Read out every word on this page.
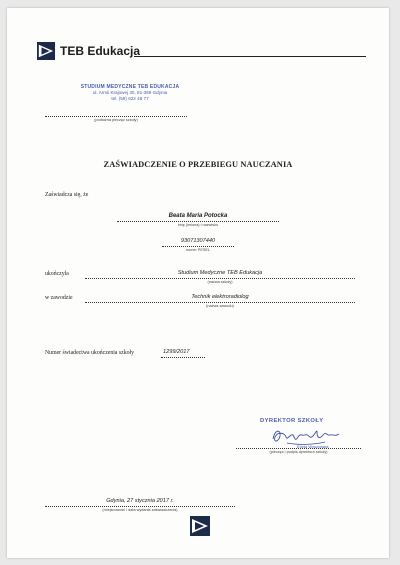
TEB Edukacja
STUDIUM MEDYCZNE TEB EDUKACJA
ul. Armii Krajowej 30, 81-366 Gdynia
tel. (58) 622 48 77
(podłużna pieczęć szkoły)
ZAŚWIADCZENIE O PRZEBIEGU NAUCZANIA
Zaświadcza się, że
Beata Maria Potocka
imię (imiona) i nazwisko
93071307440
numer PESEL
ukończyła	Studium Medyczne TEB Edukacja
(nazwa szkoły)
w zawodzie	Technik elektroradiolog
(nazwa zawodu)
Numer świadectwa ukończenia szkoły	1299/2017
DYREKTOR SZKOŁY
Edyta Wyszyńska
(pieczęć i podpis dyrektora szkoły)
Gdynia, 27 stycznia 2017 r.
(miejscowość i data wydania zaświadczenia)
